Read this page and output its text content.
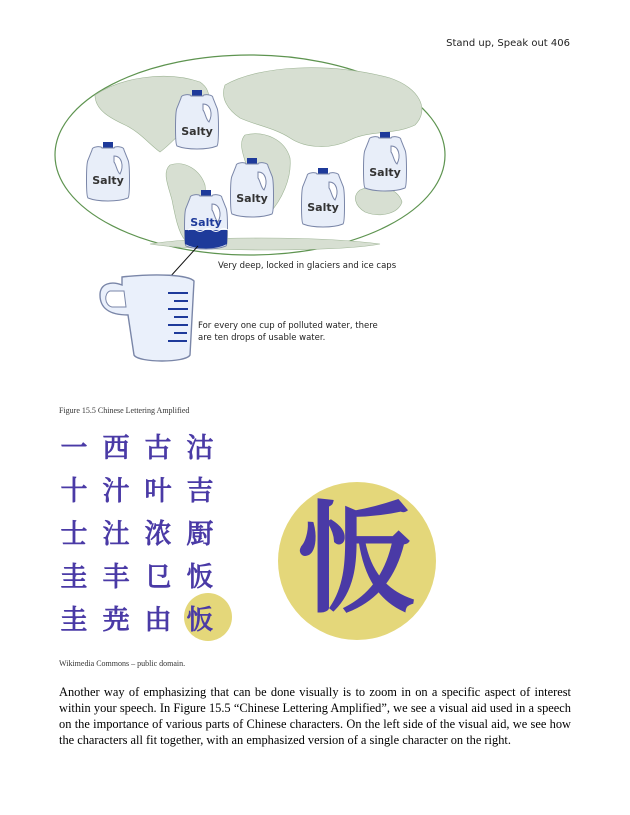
Stand up, Speak out 406
Salty
Salty
Salty
Salty
Salty
Salty
Very deep, locked in glaciers and ice caps
For every one cup of polluted water, there
are ten drops of usable water.
Figure 15.5 Chinese Lettering Amplified
一 西 古 沽
十 汁 叶 吉
士 汢 浓 㕑
圭 丰 㔾 㤆
圭 尭 由 㤆 㤆
Wikimedia Commons – public domain.
Another way of emphasizing that can be done visually is to zoom in on a specific aspect of interest within your speech. In Figure 15.5 “Chinese Lettering Amplified”, we see a visual aid used in a speech on the importance of various parts of Chinese characters. On the left side of the visual aid, we see how the characters all fit together, with an emphasized version of a single character on the right.
